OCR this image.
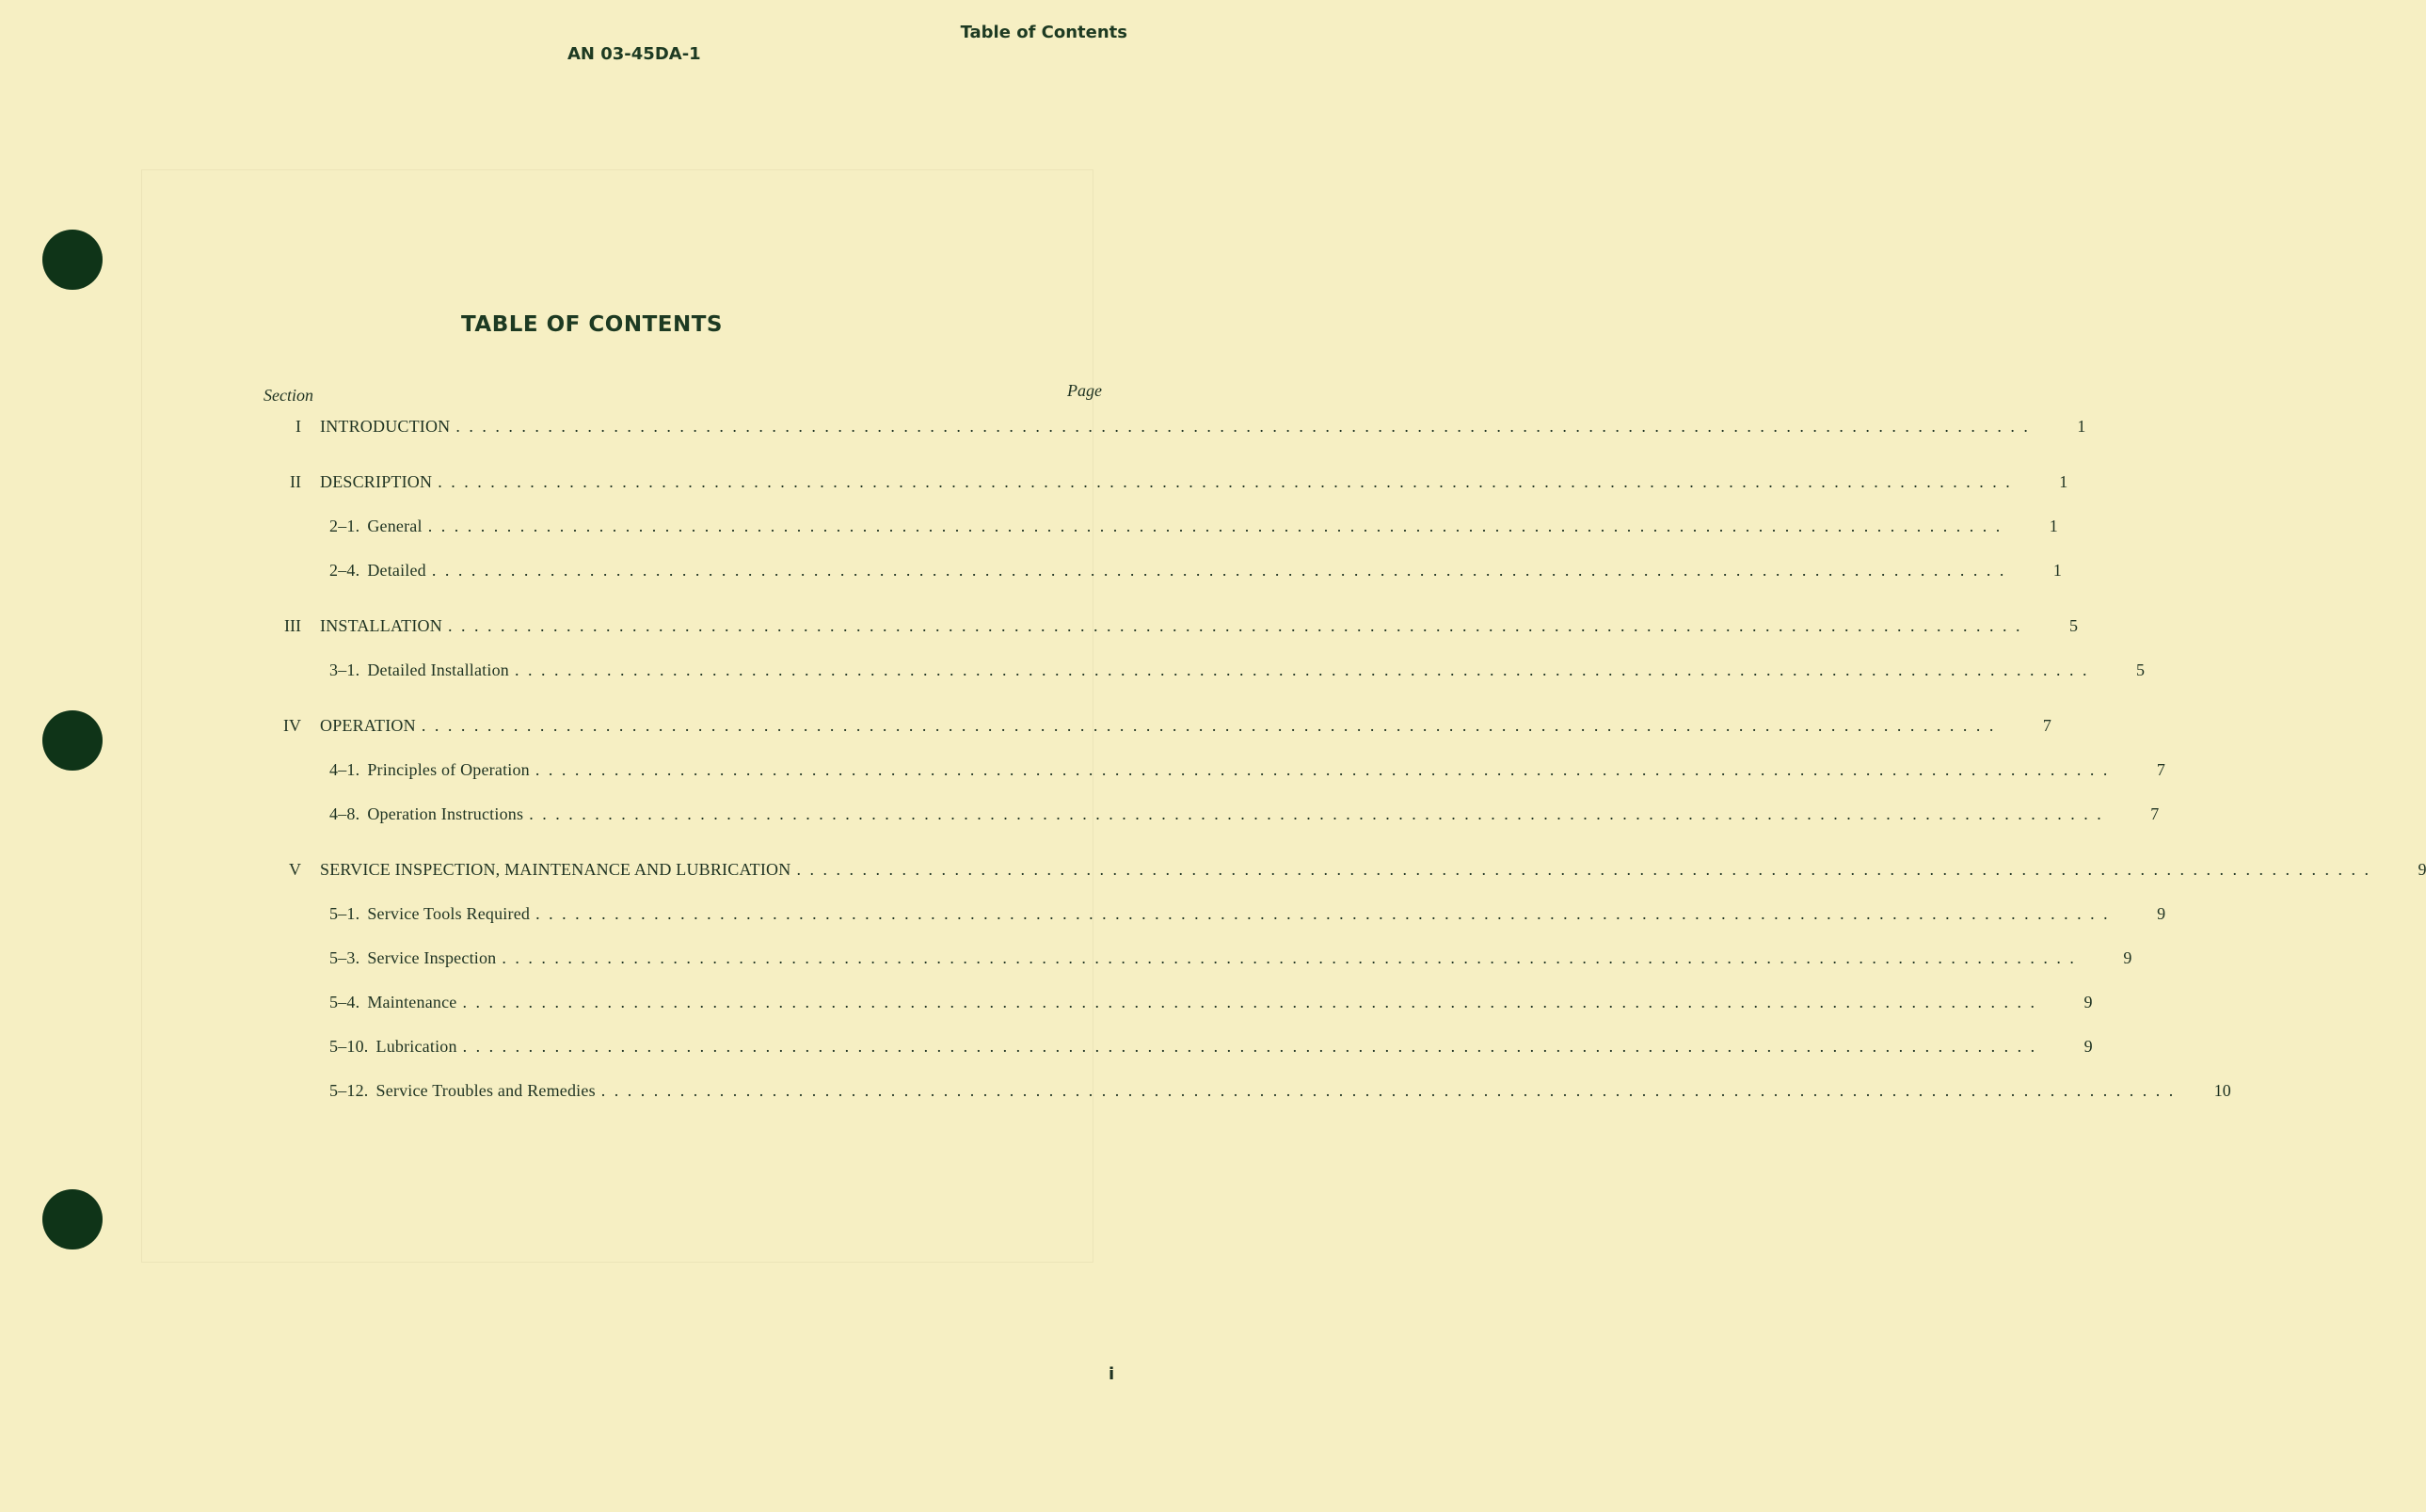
Table of Contents
AN 03-45DA-1
TABLE OF CONTENTS
Section	Page
I	INTRODUCTION ........................................................................................................................	1
II	DESCRIPTION ........................................................................................................................	1
2–1. General ........................................................................................................................	1
2–4. Detailed ........................................................................................................................	1
III	INSTALLATION ........................................................................................................................	5
3–1. Detailed Installation ........................................................................................................................	5
IV	OPERATION ........................................................................................................................	7
4–1. Principles of Operation ........................................................................................................................	7
4–8. Operation Instructions ........................................................................................................................	7
V	SERVICE INSPECTION, MAINTENANCE AND LUBRICATION ........................................................................................................................	9
5–1. Service Tools Required ........................................................................................................................	9
5–3. Service Inspection ........................................................................................................................	9
5–4. Maintenance ........................................................................................................................	9
5–10. Lubrication ........................................................................................................................	9
5–12. Service Troubles and Remedies ........................................................................................................................	10
i
